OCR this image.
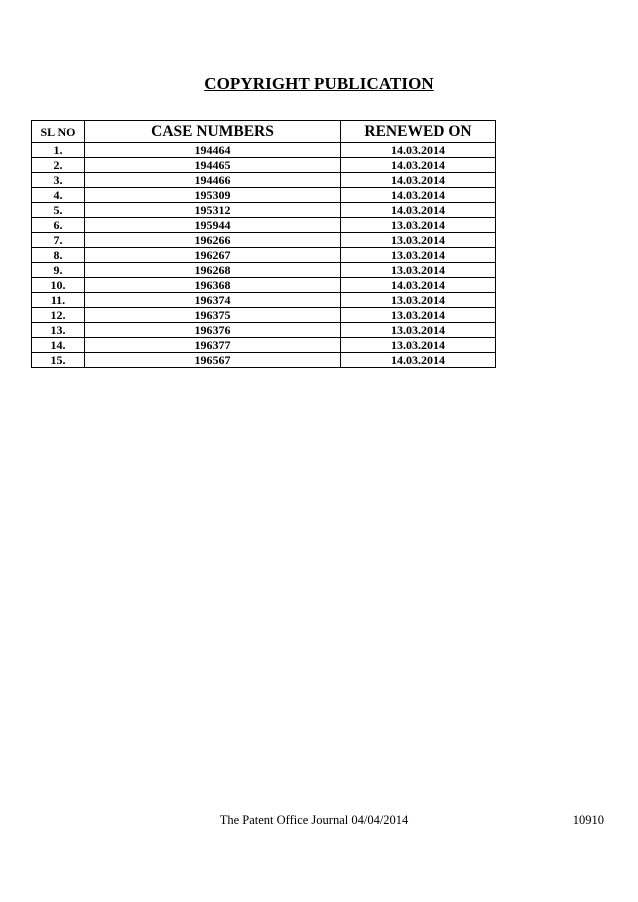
COPYRIGHT PUBLICATION
SL NO	CASE NUMBERS	RENEWED ON
1.	194464	14.03.2014
2.	194465	14.03.2014
3.	194466	14.03.2014
4.	195309	14.03.2014
5.	195312	14.03.2014
6.	195944	13.03.2014
7.	196266	13.03.2014
8.	196267	13.03.2014
9.	196268	13.03.2014
10.	196368	14.03.2014
11.	196374	13.03.2014
12.	196375	13.03.2014
13.	196376	13.03.2014
14.	196377	13.03.2014
15.	196567	14.03.2014
The Patent Office Journal 04/04/2014	10910
